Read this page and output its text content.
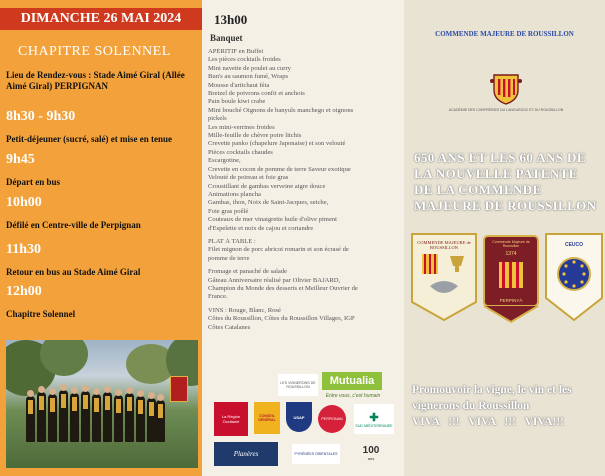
DIMANCHE 26 MAI 2024
CHAPITRE SOLENNEL
Lieu de Rendez-vous : Stade Aimé Giral (Allée Aimé Giral) PERPIGNAN
8h30 - 9h30
Petit-déjeuner (sucré, salé) et mise en tenue
9h45
Départ en bus
10h00
Défilé en Centre-ville de Perpignan
11h30
Retour en bus au Stade Aimé Giral
12h00
Chapitre Solennel
13h00
Banquet
APÉRITIF en Buffet
Les pièces cocktails froides
Mini navette de poulet au curry
Bun's au saumon fumé, Wraps
Mousse d'artichaut féta
Bretzel de poivrons confit et anchois
Pain boule kiwi crabe
Mini bouché Oignons de banyuls manchego et oignons
pickels
Les mini-verrines froides
Mille-feuille de chèvre poire litchis
Crevette panko (chapelure Japonaise) et son velouté
Pièces cocktails chaudes
Escargotine,
Crevette en cocon de pomme de terre Saveur exotique
Velouté de poireau et foie gras
Croustillant de gambas verveine aigre douce
Animations plancha
Gambas, thon, Noix de Saint-Jacques, seiche,
Foie gras poêlé
Couteaux de mer vinaigrette huile d'olive piment
d'Espelette et noix de cajou et coriandre
PLAT À TABLE :
Filet mignon de porc abricot romarin et son écrasé de
pomme de terre
Fromage et panaché de salade
Gâteau Anniversaire réalisé par Olivier BAJARD,
Champion du Monde des desserts et Meilleur Ouvrier de
France.
VINS : Rouge, Blanc, Rosé
Côtes du Roussillon, Côtes du Roussillon Villages, IGP
Côtes Catalanes
LES VIGNERONS DE ROUSSILLON	Mutualia
Entre vous, c'est humain
La Région
Occitanie
CONSEIL
GÉNÉRAL
USAP	PERPIGNAN ✚
SUD MÉDITERRANÉE
Planères	PYRÉNÉES ORIENTALES	100
ans
COMMENDE MAJEURE DE ROUSSILLON
ACADÉMIE DES CONFRÉRIES DU LANGUEDOC ET DU ROUSSILLON
650 ANS ET LES 60 ANS DE LA NOUVELLE PATENTE DE LA COMMENDE MAJEURE DE ROUSSILLON
COMMENDE MAJEURE de ROUSSILLON
Commende Majeure de Roussillon
1374
PERPINYÀ
CEUCO
Promouvoir la vigne, le vin et les vignerons du Roussillon
VIVA !!! VIVA !!! VIVA!!!
